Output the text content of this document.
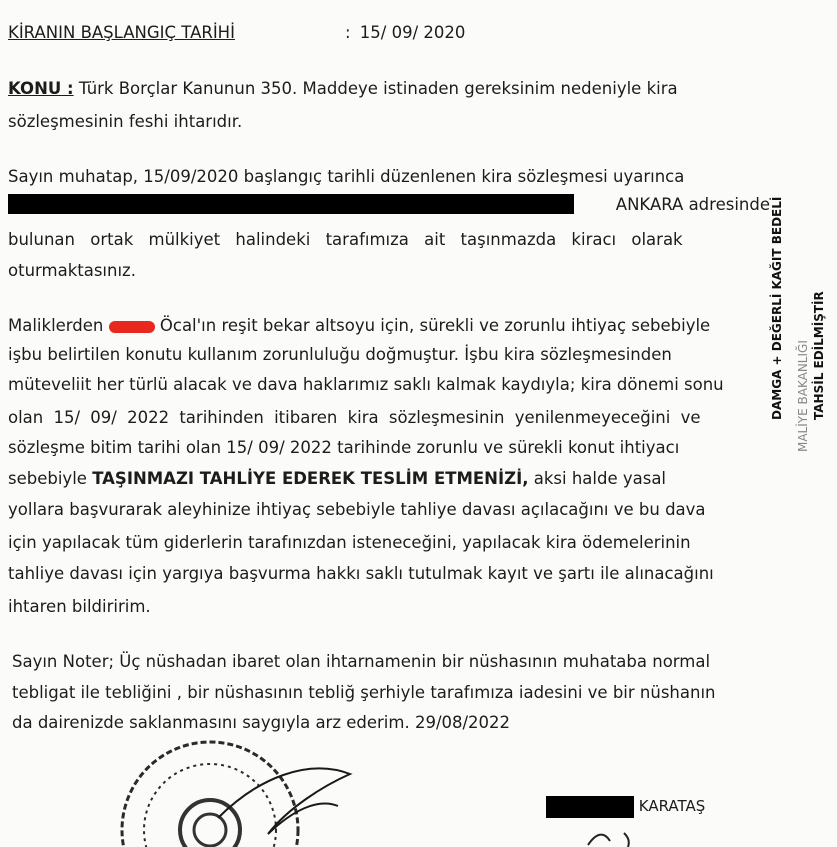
KİRANIN BAŞLANGIÇ TARİHİ	: 15/ 09/ 2020
KONU : Türk Borçlar Kanunun 350. Maddeye istinaden gereksinim nedeniyle kira
sözleşmesinin feshi ihtarıdır.
Sayın muhatap, 15/09/2020 başlangıç tarihli düzenlenen kira sözleşmesi uyarınca
ANKARA adresinde
bulunan ortak mülkiyet halindeki tarafımıza ait taşınmazda kiracı olarak
oturmaktasınız.
Maliklerden	Öcal'ın reşit bekar altsoyu için, sürekli ve zorunlu ihtiyaç sebebiyle
işbu belirtilen konutu kullanım zorunluluğu doğmuştur. İşbu kira sözleşmesinden
müteveliit her türlü alacak ve dava haklarımız saklı kalmak kaydıyla; kira dönemi sonu
olan 15/ 09/ 2022 tarihinden itibaren kira sözleşmesinin yenilenmeyeceğini ve
sözleşme bitim tarihi olan 15/ 09/ 2022 tarihinde zorunlu ve sürekli konut ihtiyacı
sebebiyle TAŞINMAZI TAHLİYE EDEREK TESLİM ETMENİZİ, aksi halde yasal
yollara başvurarak aleyhinize ihtiyaç sebebiyle tahliye davası açılacağını ve bu dava
için yapılacak tüm giderlerin tarafınızdan isteneceğini, yapılacak kira ödemelerinin
tahliye davası için yargıya başvurma hakkı saklı tutulmak kayıt ve şartı ile alınacağını
ihtaren bildiririm.
Sayın Noter; Üç nüshadan ibaret olan ihtarnamenin bir nüshasının muhataba normal
tebligat ile tebliğini , bir nüshasının tebliğ şerhiyle tarafımıza iadesini ve bir nüshanın
da dairenizde saklanmasını saygıyla arz ederim. 29/08/2022
DAMGA + DEĞERLİ KAĞIT BEDELİ TAHSİL EDİLMİŞTİR
MALİYE BAKANLIĞI
KARATAŞ
